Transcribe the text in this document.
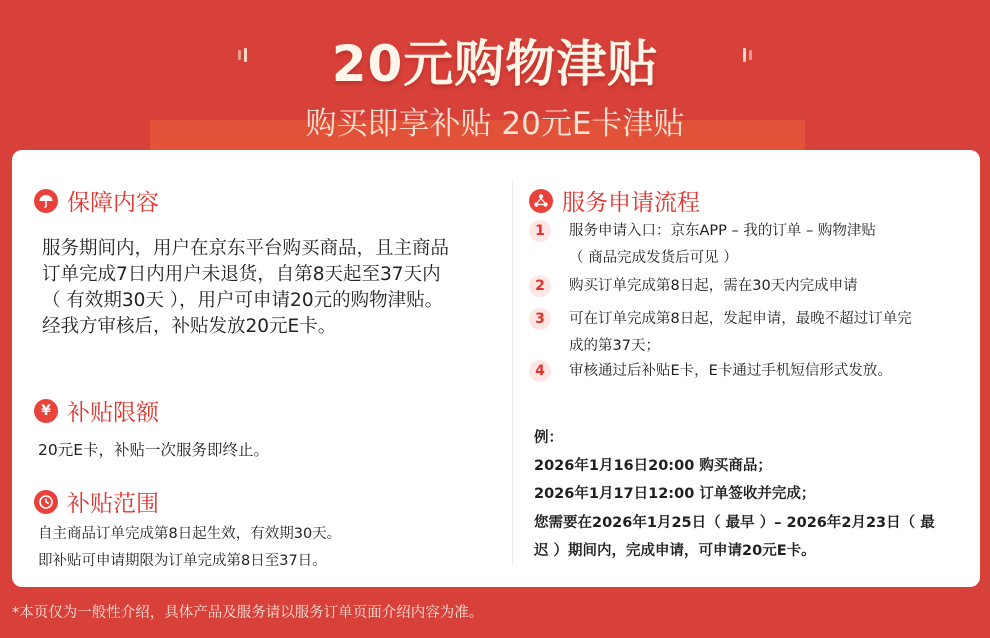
20元购物津贴
购买即享补贴 20元E卡津贴
保障内容
服务期间内，用户在京东平台购买商品，且主商品
订单完成7日内用户未退货，自第8天起至37天内
（ 有效期30天 ），用户可申请20元的购物津贴。
经我方审核后，补贴发放20元E卡。
¥ 补贴限额
20元E卡，补贴一次服务即终止。
补贴范围
自主商品订单完成第8日起生效，有效期30天。
即补贴可申请期限为订单完成第8日至37日。
服务申请流程
1	服务申请入口：京东APP – 我的订单 – 购物津贴
（ 商品完成发货后可见 ）
2	购买订单完成第8日起，需在30天内完成申请
3	可在订单完成第8日起，发起申请，最晚不超过订单完
成的第37天；
4	审核通过后补贴E卡，E卡通过手机短信形式发放。
例：
2026年1月16日20:00 购买商品；
2026年1月17日12:00 订单签收并完成；
您需要在2026年1月25日（ 最早 ）– 2026年2月23日（ 最
迟 ）期间内，完成申请，可申请20元E卡。
*本页仅为一般性介绍，具体产品及服务请以服务订单页面介绍内容为准。
